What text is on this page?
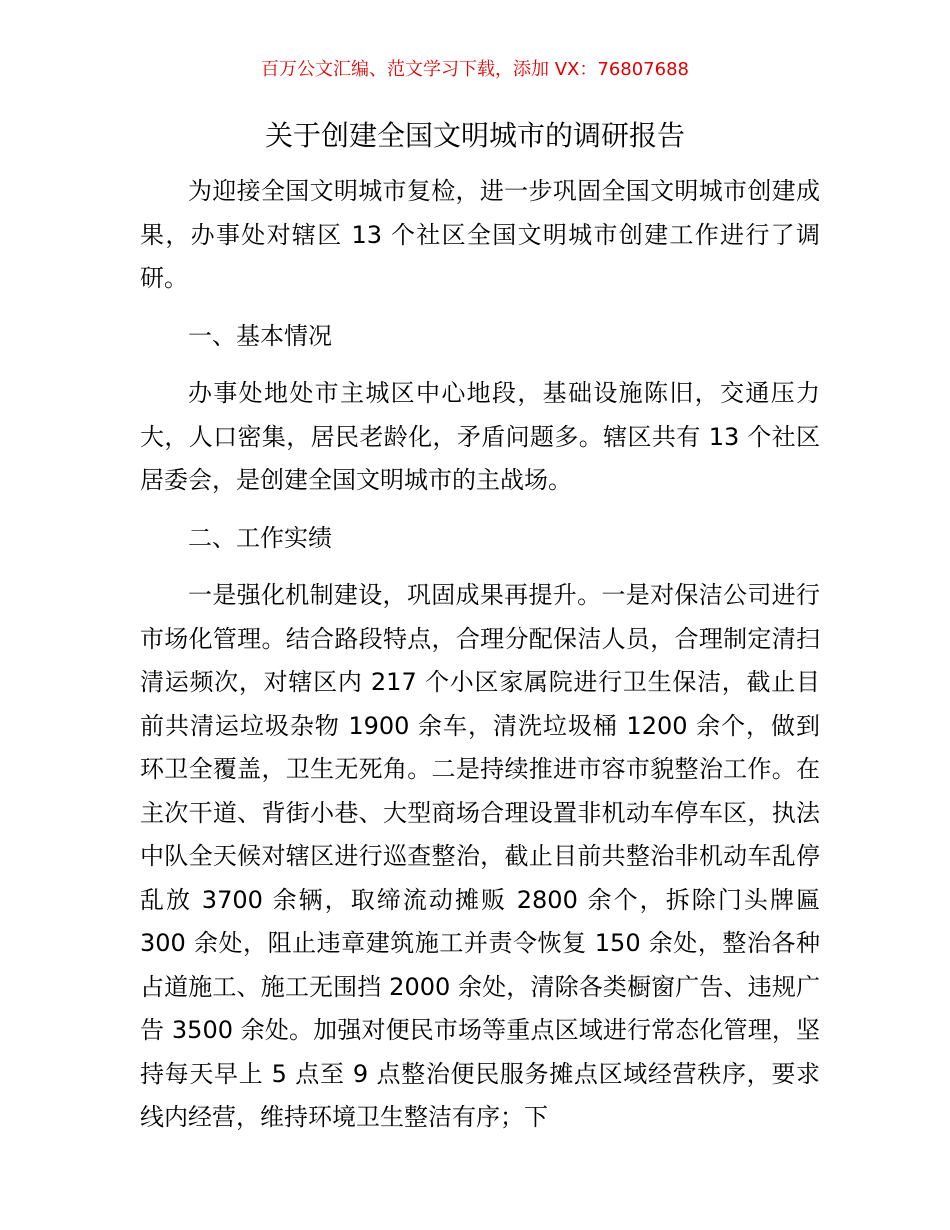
百万公文汇编、范文学习下载，添加 VX：76807688
关于创建全国文明城市的调研报告

为迎接全国文明城市复检，进一步巩固全国文明城市创建成果，办事处对辖区 13 个社区全国文明城市创建工作进行了调研。

一、基本情况

办事处地处市主城区中心地段，基础设施陈旧，交通压力大，人口密集，居民老龄化，矛盾问题多。辖区共有 13 个社区居委会，是创建全国文明城市的主战场。

二、工作实绩

一是强化机制建设，巩固成果再提升。一是对保洁公司进行市场化管理。结合路段特点，合理分配保洁人员，合理制定清扫清运频次，对辖区内 217 个小区家属院进行卫生保洁，截止目前共清运垃圾杂物 1900 余车，清洗垃圾桶 1200 余个，做到环卫全覆盖，卫生无死角。二是持续推进市容市貌整治工作。在主次干道、背街小巷、大型商场合理设置非机动车停车区，执法中队全天候对辖区进行巡查整治，截止目前共整治非机动车乱停乱放 3700 余辆，取缔流动摊贩 2800 余个，拆除门头牌匾 300 余处，阻止违章建筑施工并责令恢复 150 余处，整治各种占道施工、施工无围挡 2000 余处，清除各类橱窗广告、违规广告 3500 余处。加强对便民市场等重点区域进行常态化管理，坚持每天早上 5 点至 9 点整治便民服务摊点区域经营秩序，要求线内经营，维持环境卫生整洁有序；下
